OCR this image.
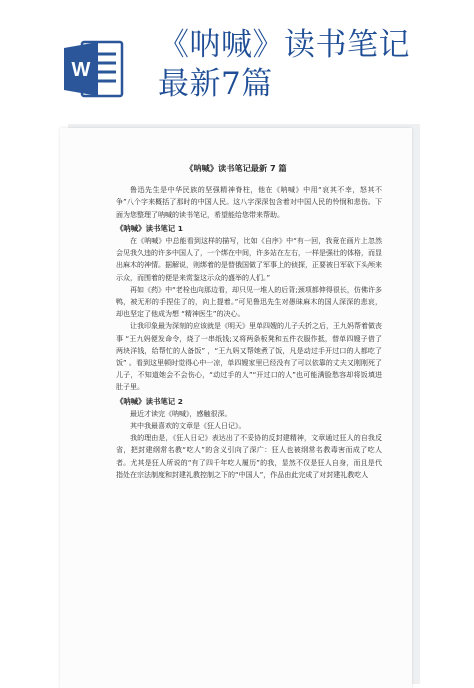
W
《呐喊》读书笔记
最新7篇
《呐喊》读书笔记最新 7 篇
鲁迅先生是中华民族的坚强精神脊柱，他在《呐喊》中用“哀其不幸，怒其不争”八个字来概括了那时的中国人民。这八字深深包含着对中国人民的怜悯和悲伤。下面为您整理了呐喊的读书笔记，希望能给您带来帮助。
《呐喊》读书笔记 1
在《呐喊》中总能看到这样的描写，比如《自序》中“有一回，我竟在画片上忽然会见我久违的许多中国人了，一个绑在中间，许多站在左右，一样是强壮的体格，而显出麻木的神情。据解说，则绑着的是替俄国做了军事上的侦探，正要被日军砍下头颅来示众，而围着的便是来赏鉴这示众的盛举的人们。”
再如《药》中“老栓也向那边看，却只见一堆人的后背;颈项都伸得很长，仿佛许多鸭，被无形的手捏住了的，向上提着。”可见鲁迅先生对愚昧麻木的国人深深的悲哀，却也坚定了他成为想 “精神医生”的决心。
让我印象最为深刻的应该就是《明天》里单四嫂的儿子夭折之后，王九妈帮着做丧事 “王九妈便发命令，烧了一串纸钱;又将两条板凳和五件衣服作抵，替单四嫂子借了两块洋钱，给帮忙的人备饭” ，“王九妈又帮她煮了饭，凡是动过手开过口的人都吃了饭” 。看到这里顿时觉得心中一凉，单四嫂家里已经没有了可以依靠的丈夫又刚刚死了儿子，不知道她会不会伤心，“动过手的人”“开过口的人”也可能满脸愁容却将饭填进肚子里。
《呐喊》读书笔记 2
最近才读完《呐喊》，感触很深。
其中我最喜欢的文章是《狂人日记》。
我的理由是，《狂人日记》表达出了不妥协的反封建精神，文章通过狂人的自我反省，把封建纲常名教“吃人”的含义引向了深广：狂人也被纲常名教毒害而成了吃人者。尤其是狂人所说的“有了四千年吃人履历”的我，显然不仅是狂人自身，而且是代指处在宗法制度和封建礼教控制之下的“中国人”，作品由此完成了对封建礼教吃人
